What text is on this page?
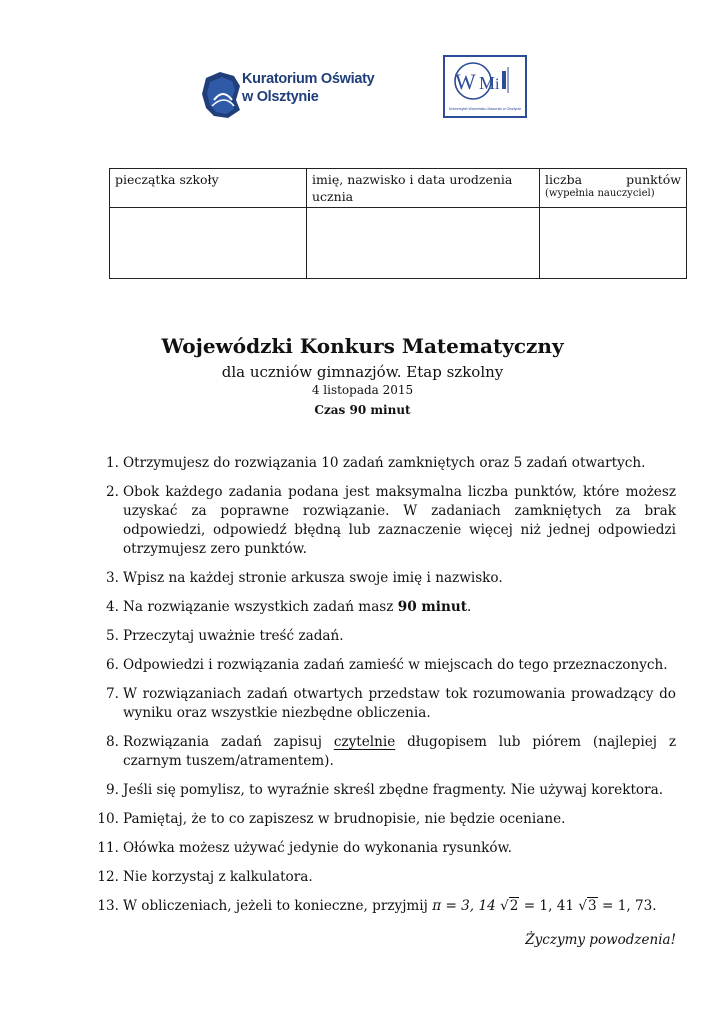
Kuratorium Oświaty
w Olsztynie
W M i
Uniwersytet Warmińsko-Mazurski w Olsztynie
pieczątka szkoły	imię, nazwisko i data urodzenia ucznia	liczba punktów
(wypełnia nauczyciel)

Wojewódzki Konkurs Matematyczny
dla uczniów gimnazjów. Etap szkolny
4 listopada 2015
Czas 90 minut
1. Otrzymujesz do rozwiązania 10 zadań zamkniętych oraz 5 zadań otwartych.
2. Obok każdego zadania podana jest maksymalna liczba punktów, które możesz uzyskać za poprawne rozwiązanie. W zadaniach zamkniętych za brak odpowiedzi, odpowiedź błędną lub zaznaczenie więcej niż jednej odpowiedzi otrzymujesz zero punktów.
3. Wpisz na każdej stronie arkusza swoje imię i nazwisko.
4. Na rozwiązanie wszystkich zadań masz 90 minut.
5. Przeczytaj uważnie treść zadań.
6. Odpowiedzi i rozwiązania zadań zamieść w miejscach do tego przeznaczonych.
7. W rozwiązaniach zadań otwartych przedstaw tok rozumowania prowadzący do wyniku oraz wszystkie niezbędne obliczenia.
8. Rozwiązania zadań zapisuj czytelnie długopisem lub piórem (najlepiej z czarnym tuszem/atramentem).
9. Jeśli się pomylisz, to wyraźnie skreśl zbędne fragmenty. Nie używaj korektora.
10. Pamiętaj, że to co zapiszesz w brudnopisie, nie będzie oceniane.
11. Ołówka możesz używać jedynie do wykonania rysunków.
12. Nie korzystaj z kalkulatora.
13. W obliczeniach, jeżeli to konieczne, przyjmij π = 3, 14 √2 = 1, 41 √3 = 1, 73.
Życzymy powodzenia!
